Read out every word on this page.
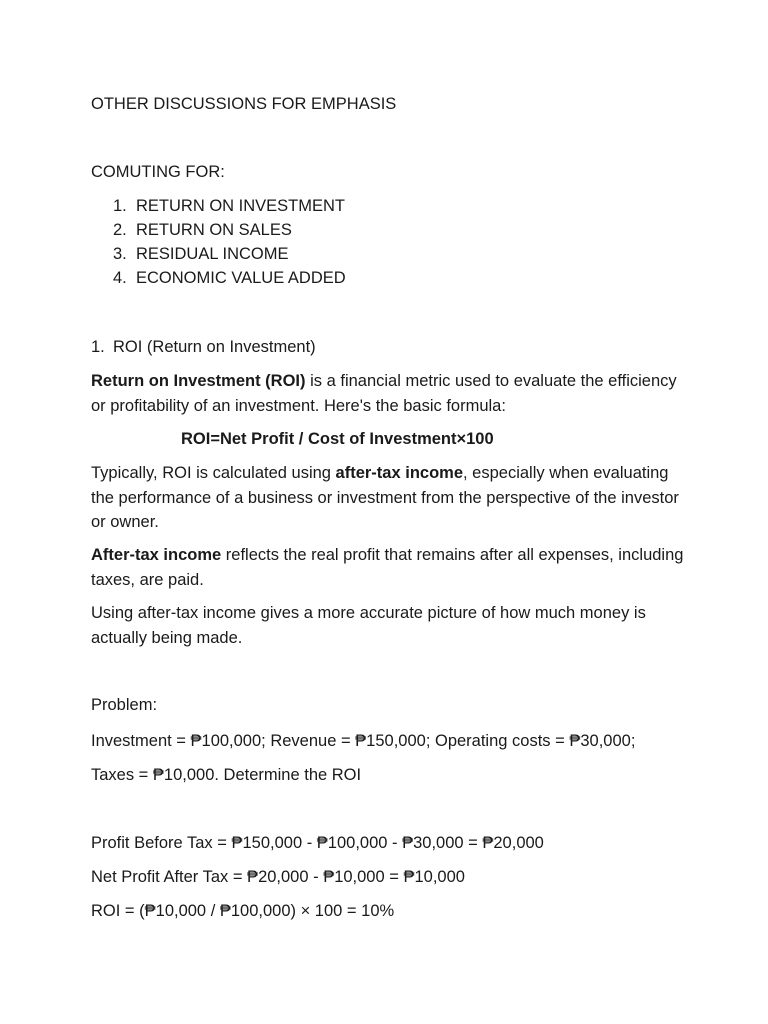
OTHER DISCUSSIONS FOR EMPHASIS
COMUTING FOR:
1. RETURN ON INVESTMENT
2. RETURN ON SALES
3. RESIDUAL INCOME
4. ECONOMIC VALUE ADDED
1. ROI (Return on Investment)
Return on Investment (ROI) is a financial metric used to evaluate the efficiency or profitability of an investment. Here's the basic formula:
ROI=Net Profit / Cost of Investment×100
Typically, ROI is calculated using after-tax income, especially when evaluating the performance of a business or investment from the perspective of the investor or owner.
After-tax income reflects the real profit that remains after all expenses, including taxes, are paid.
Using after-tax income gives a more accurate picture of how much money is actually being made.
Problem:
Investment = ₱100,000; Revenue = ₱150,000; Operating costs = ₱30,000;
Taxes = ₱10,000. Determine the ROI
Profit Before Tax = ₱150,000 - ₱100,000 - ₱30,000 = ₱20,000
Net Profit After Tax = ₱20,000 - ₱10,000 = ₱10,000
ROI = (₱10,000 / ₱100,000) × 100 = 10%
